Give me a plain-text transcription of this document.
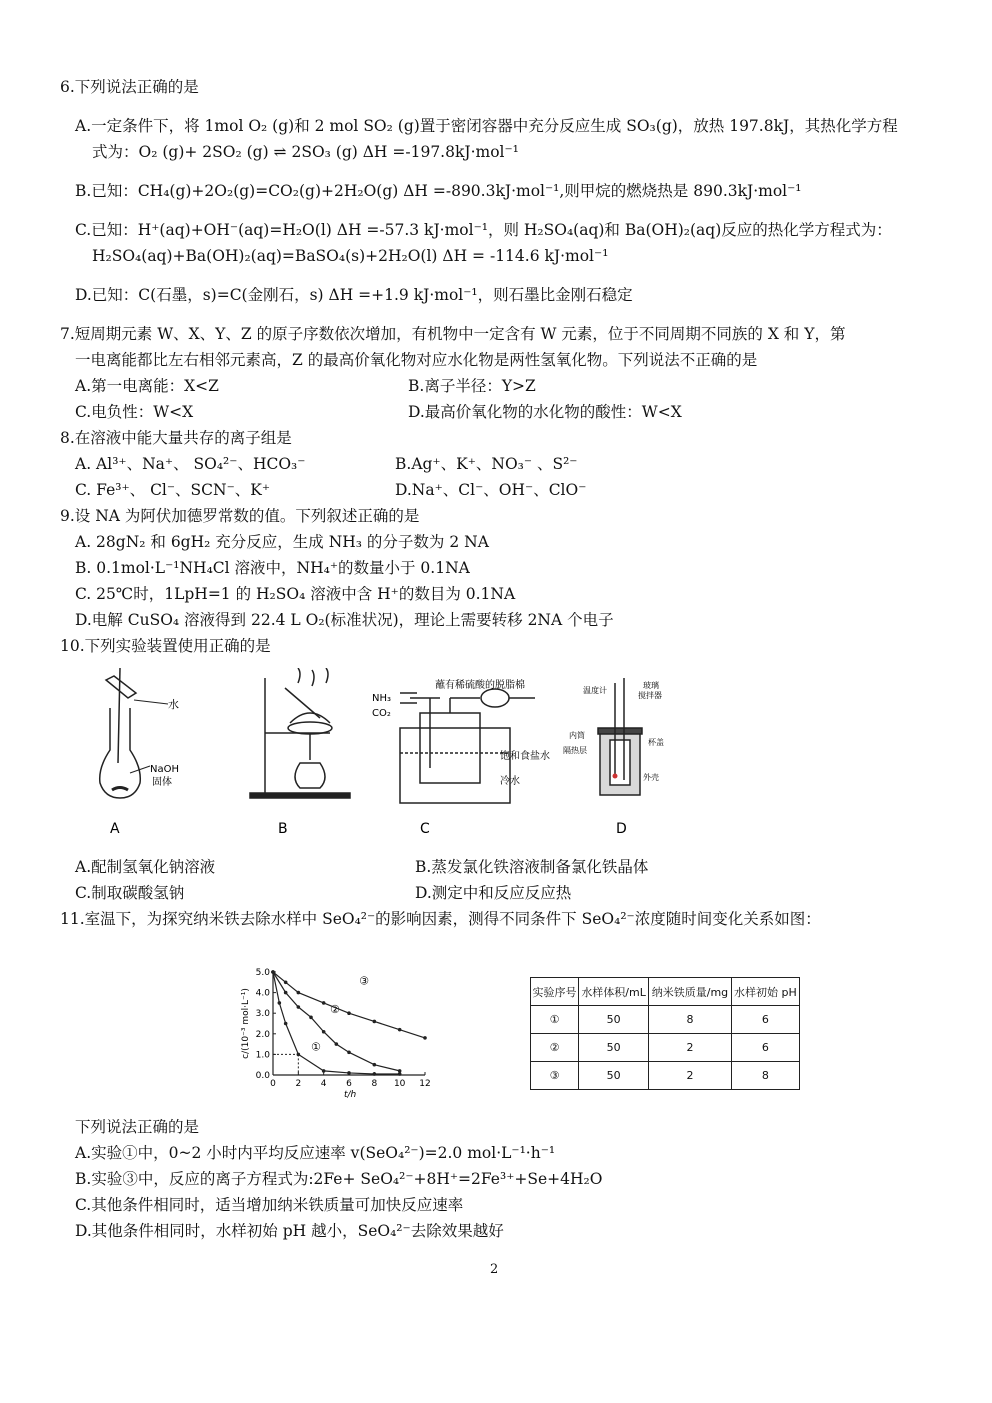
6.下列说法正确的是
A.一定条件下，将 1mol O₂ (g)和 2 mol SO₂ (g)置于密闭容器中充分反应生成 SO₃(g)，放热 197.8kJ，其热化学方程
式为：O₂ (g)+ 2SO₂ (g) ⇌ 2SO₃ (g) ΔH =-197.8kJ·mol⁻¹
B.已知：CH₄(g)+2O₂(g)=CO₂(g)+2H₂O(g) ΔH =-890.3kJ·mol⁻¹,则甲烷的燃烧热是 890.3kJ·mol⁻¹
C.已知：H⁺(aq)+OH⁻(aq)=H₂O(l) ΔH =-57.3 kJ·mol⁻¹，则 H₂SO₄(aq)和 Ba(OH)₂(aq)反应的热化学方程式为：
H₂SO₄(aq)+Ba(OH)₂(aq)=BaSO₄(s)+2H₂O(l) ΔH = -114.6 kJ·mol⁻¹
D.已知：C(石墨，s)=C(金刚石，s) ΔH =+1.9 kJ·mol⁻¹，则石墨比金刚石稳定
7.短周期元素 W、X、Y、Z 的原子序数依次增加，有机物中一定含有 W 元素，位于不同周期不同族的 X 和 Y，第
一电离能都比左右相邻元素高，Z 的最高价氧化物对应水化物是两性氢氧化物。下列说法不正确的是
A.第一电离能：X<Z	B.离子半径：Y>Z
C.电负性：W<X	D.最高价氧化物的水化物的酸性：W<X
8.在溶液中能大量共存的离子组是
A. Al³⁺、Na⁺、 SO₄²⁻、HCO₃⁻	B.Ag⁺、K⁺、NO₃⁻ 、S²⁻
C. Fe³⁺、 Cl⁻、SCN⁻、K⁺	D.Na⁺、Cl⁻、OH⁻、ClO⁻
9.设 NA 为阿伏加德罗常数的值。下列叙述正确的是
A. 28gN₂ 和 6gH₂ 充分反应，生成 NH₃ 的分子数为 2 NA
B. 0.1mol·L⁻¹NH₄Cl 溶液中，NH₄⁺的数量小于 0.1NA
C. 25℃时，1LpH=1 的 H₂SO₄ 溶液中含 H⁺的数目为 0.1NA
D.电解 CuSO₄ 溶液得到 22.4 L O₂(标准状况)，理论上需要转移 2NA 个电子
10.下列实验装置使用正确的是
水
NaOH
固体
蘸有稀硫酸的脱脂棉
NH₃
CO₂
饱和食盐水
冷水
温度计
玻璃
搅拌器
内筒
杯盖
隔热层
外壳
A	B	C	D
A.配制氢氧化钠溶液	B.蒸发氯化铁溶液制备氯化铁晶体
C.制取碳酸氢钠	D.测定中和反应反应热
11.室温下，为探究纳米铁去除水样中 SeO₄²⁻的影响因素，测得不同条件下 SeO₄²⁻浓度随时间变化关系如图：
0 2 4 6 8 10 12
0.0
1.0
2.0
3.0
4.0
5.0
t/h
c/(10⁻³ mol·L⁻¹)	①
②
③
实验序号	水样体积/mL	纳米铁质量/mg	水样初始 pH
①	50	8	6
②	50	2	6
③	50	2	8
下列说法正确的是
A.实验①中，0~2 小时内平均反应速率 v(SeO₄²⁻)=2.0 mol·L⁻¹·h⁻¹
B.实验③中，反应的离子方程式为:2Fe+ SeO₄²⁻+8H⁺=2Fe³⁺+Se+4H₂O
C.其他条件相同时，适当增加纳米铁质量可加快反应速率
D.其他条件相同时，水样初始 pH 越小，SeO₄²⁻去除效果越好
2
